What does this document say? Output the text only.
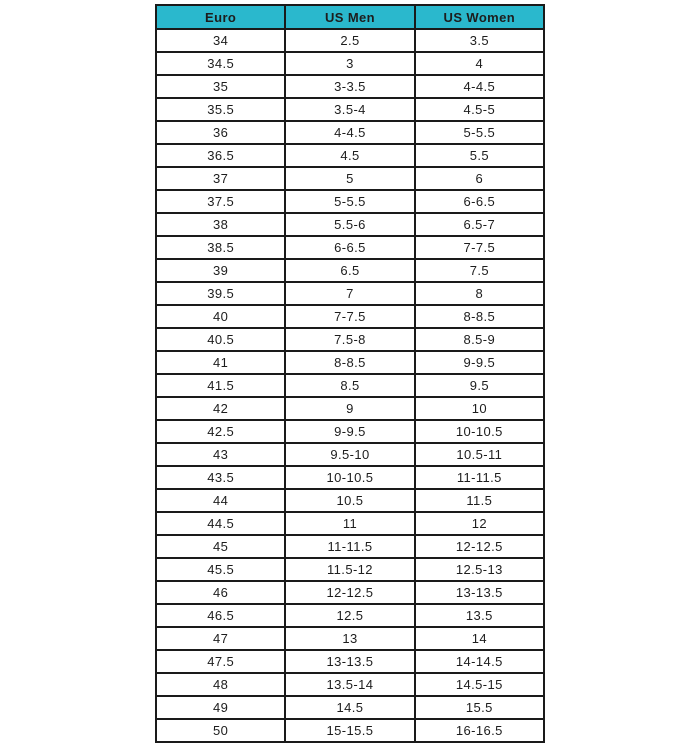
Euro	US Men	US Women
34	2.5	3.5
34.5	3	4
35	3-3.5	4-4.5
35.5	3.5-4	4.5-5
36	4-4.5	5-5.5
36.5	4.5	5.5
37	5	6
37.5	5-5.5	6-6.5
38	5.5-6	6.5-7
38.5	6-6.5	7-7.5
39	6.5	7.5
39.5	7	8
40	7-7.5	8-8.5
40.5	7.5-8	8.5-9
41	8-8.5	9-9.5
41.5	8.5	9.5
42	9	10
42.5	9-9.5	10-10.5
43	9.5-10	10.5-11
43.5	10-10.5	11-11.5
44	10.5	11.5
44.5	11	12
45	11-11.5	12-12.5
45.5	11.5-12	12.5-13
46	12-12.5	13-13.5
46.5	12.5	13.5
47	13	14
47.5	13-13.5	14-14.5
48	13.5-14	14.5-15
49	14.5	15.5
50	15-15.5	16-16.5
